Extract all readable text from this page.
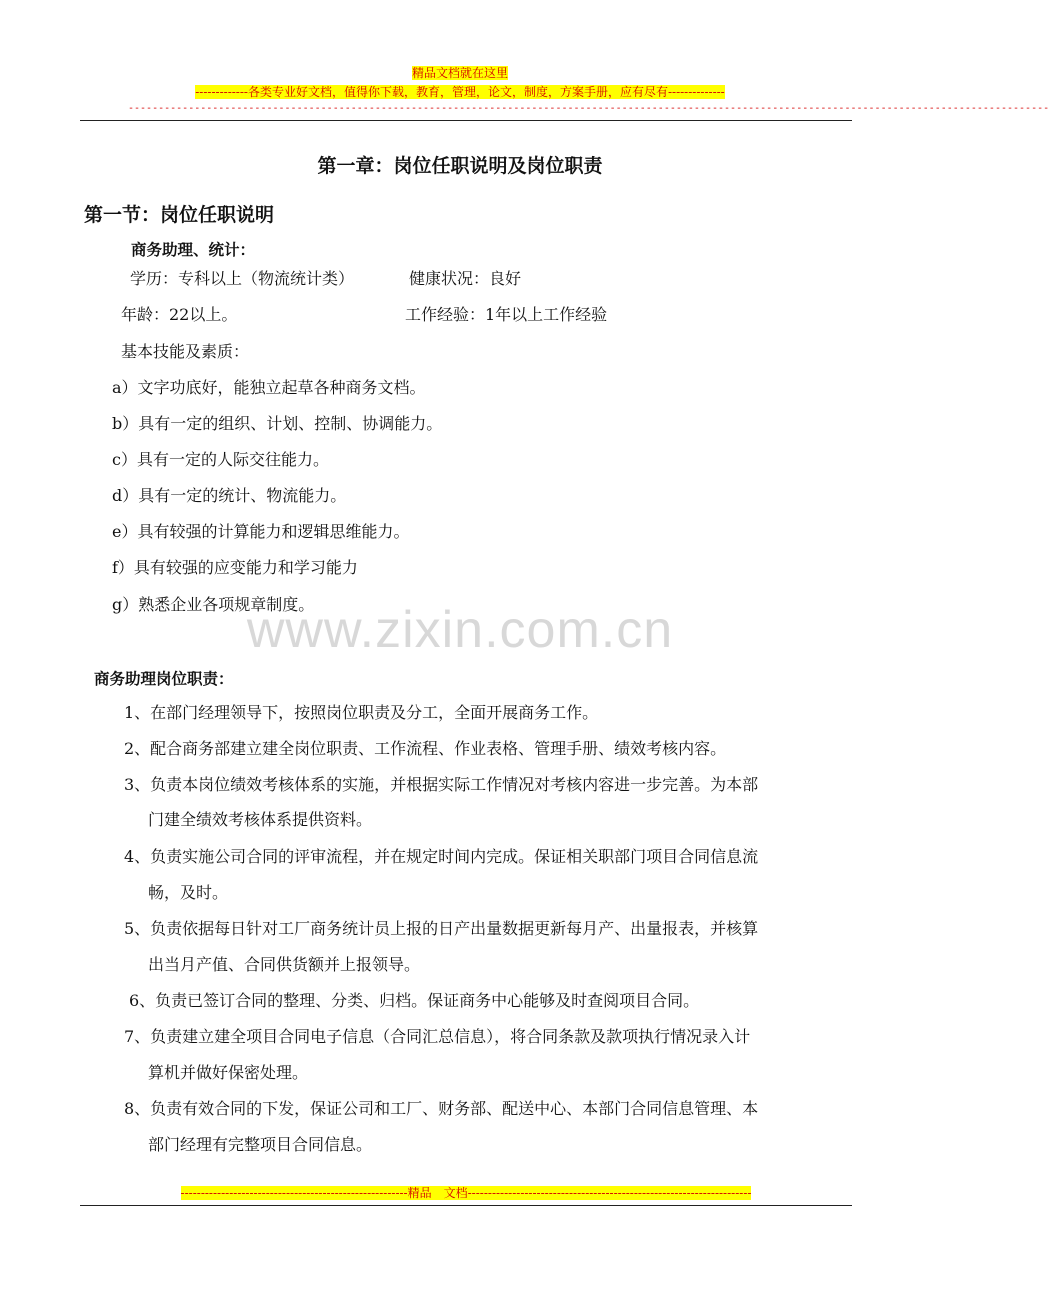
精品文档就在这里
-------------各类专业好文档，值得你下载，教育，管理，论文，制度，方案手册，应有尽有--------------
---------------------------------------------------------------------------------------------------------------------------------------------------------
第一章：岗位任职说明及岗位职责
第一节：岗位任职说明
商务助理、统计：
学历：专科以上（物流统计类）	健康状况：良好
年龄：22以上。	工作经验：1年以上工作经验
基本技能及素质：
a）文字功底好，能独立起草各种商务文档。
b）具有一定的组织、计划、控制、协调能力。
c）具有一定的人际交往能力。
d）具有一定的统计、物流能力。
e）具有较强的计算能力和逻辑思维能力。
f）具有较强的应变能力和学习能力
g）熟悉企业各项规章制度。
www.zixin.com.cn
商务助理岗位职责：
1、在部门经理领导下，按照岗位职责及分工，全面开展商务工作。
2、配合商务部建立建全岗位职责、工作流程、作业表格、管理手册、绩效考核内容。
3、负责本岗位绩效考核体系的实施，并根据实际工作情况对考核内容进一步完善。为本部
门建全绩效考核体系提供资料。
4、负责实施公司合同的评审流程，并在规定时间内完成。保证相关职部门项目合同信息流
畅，及时。
5、负责依据每日针对工厂商务统计员上报的日产出量数据更新每月产、出量报表，并核算
出当月产值、合同供货额并上报领导。
6、负责已签订合同的整理、分类、归档。保证商务中心能够及时查阅项目合同。
7、负责建立建全项目合同电子信息（合同汇总信息），将合同条款及款项执行情况录入计
算机并做好保密处理。
8、负责有效合同的下发，保证公司和工厂、财务部、配送中心、本部门合同信息管理、本
部门经理有完整项目合同信息。
--------------------------------------------------------精品　文档----------------------------------------------------------------------
